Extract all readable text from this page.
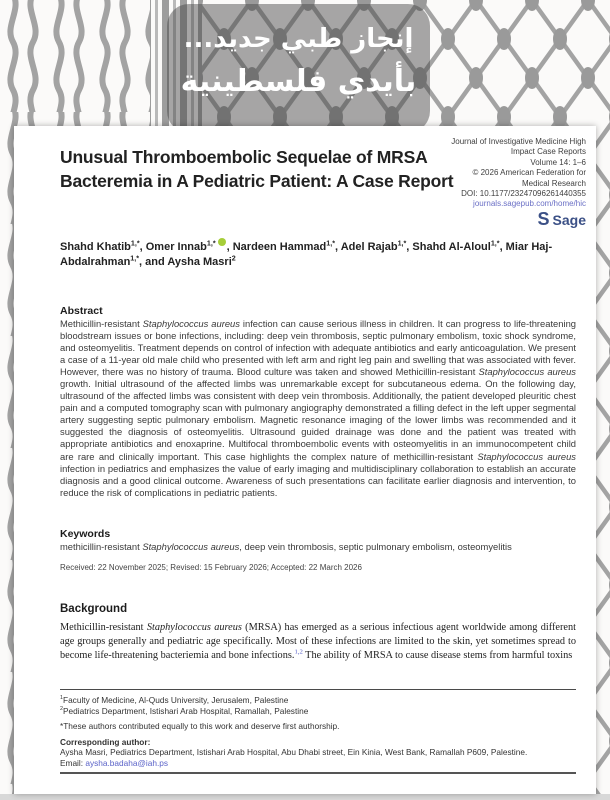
إنجاز طبي جديد...
بأيدي فلسطينية
Journal of Investigative Medicine High
Impact Case Reports
Volume 14: 1–6
© 2026 American Federation for
Medical Research
DOI: 10.1177/23247096261440355
journals.sagepub.com/home/hic
S Sage
Unusual Thromboembolic Sequelae of MRSA Bacteremia in A Pediatric Patient: A Case Report

Shahd Khatib$^{1,*}$, Omer Innab$^{1,*}$ , Nardeen Hammad$^{1,*}$, Adel Rajab$^{1,*}$, Shahd Al-Aloul$^{1,*}$, Miar Haj-Abdalrahman$^{1,*}$, and Aysha Masri$^2$

Abstract

Methicillin-resistant Staphylococcus aureus infection can cause serious illness in children. It can progress to life-threatening bloodstream issues or bone infections, including: deep vein thrombosis, septic pulmonary embolism, toxic shock syndrome, and osteomyelitis. Treatment depends on control of infection with adequate antibiotics and early anticoagulation. We present a case of a 11-year old male child who presented with left arm and right leg pain and swelling that was associated with fever. However, there was no history of trauma. Blood culture was taken and showed Methicillin-resistant Staphylococcus aureus growth. Initial ultrasound of the affected limbs was unremarkable except for subcutaneous edema. On the following day, ultrasound of the affected limbs was consistent with deep vein thrombosis. Additionally, the patient developed pleuritic chest pain and a computed tomography scan with pulmonary angiography demonstrated a filling defect in the left upper segmental artery suggesting septic pulmonary embolism. Magnetic resonance imaging of the lower limbs was recommended and it suggested the diagnosis of osteomyelitis. Ultrasound guided drainage was done and the patient was treated with appropriate antibiotics and enoxaprine. Multifocal thromboembolic events with osteomyelitis in an immunocompetent child are rare and clinically important. This case highlights the complex nature of methicillin-resistant Staphylococcus aureus infection in pediatrics and emphasizes the value of early imaging and multidisciplinary collaboration to establish an accurate diagnosis and a good clinical outcome. Awareness of such presentations can facilitate earlier diagnosis and intervention, to reduce the risk of complications in pediatric patients.

Keywords

methicillin-resistant Staphylococcus aureus, deep vein thrombosis, septic pulmonary embolism, osteomyelitis

Received: 22 November 2025; Revised: 15 February 2026; Accepted: 22 March 2026

Background

Methicillin-resistant Staphylococcus aureus (MRSA) has emerged as a serious infectious agent worldwide among different age groups generally and pediatric age specifically. Most of these infections are limited to the skin, yet sometimes spread to become life-threatening bacteriemia and bone infections.$^{1,2}$ The ability of MRSA to cause disease stems from harmful toxins

$^1$Faculty of Medicine, Al-Quds University, Jerusalem, Palestine

$^2$Pediatrics Department, Istishari Arab Hospital, Ramallah, Palestine

*These authors contributed equally to this work and deserve first authorship.

Corresponding author:

Aysha Masri, Pediatrics Department, Istishari Arab Hospital, Abu Dhabi street, Ein Kinia, West Bank, Ramallah P609, Palestine.

Email: aysha.badaha@iah.ps
